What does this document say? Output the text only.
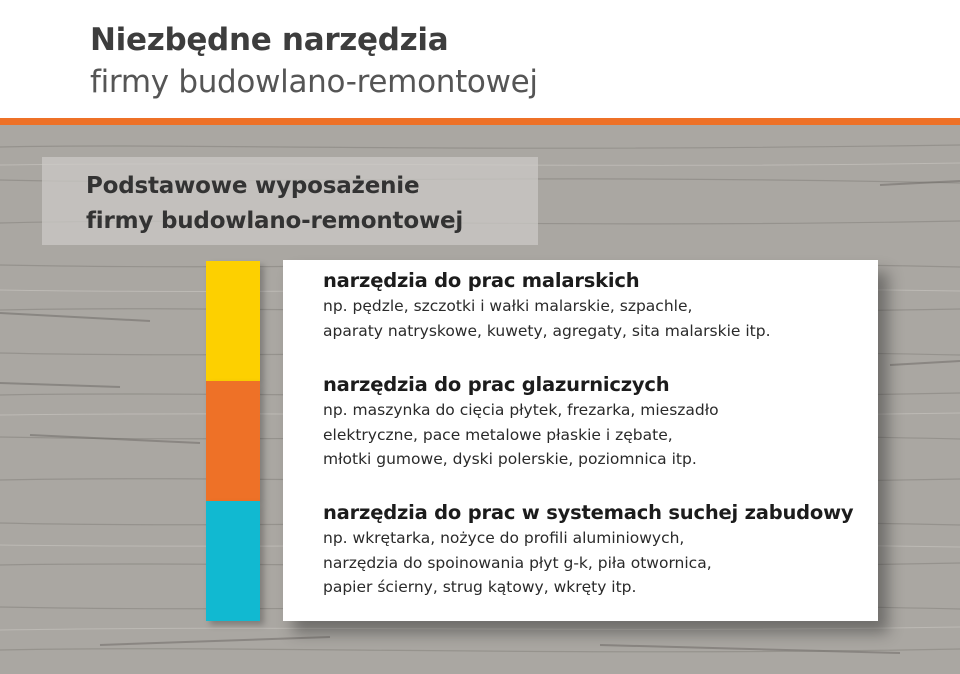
Niezbędne narzędzia
firmy budowlano-remontowej
Podstawowe wyposażenie
firmy budowlano-remontowej
narzędzia do prac malarskich
np. pędzle, szczotki i wałki malarskie, szpachle,
aparaty natryskowe, kuwety, agregaty, sita malarskie itp.
narzędzia do prac glazurniczych
np. maszynka do cięcia płytek, frezarka, mieszadło
elektryczne, pace metalowe płaskie i zębate,
młotki gumowe, dyski polerskie, poziomnica itp.
narzędzia do prac w systemach suchej zabudowy
np. wkrętarka, nożyce do profili aluminiowych,
narzędzia do spoinowania płyt g-k, piła otwornica,
papier ścierny, strug kątowy, wkręty itp.
